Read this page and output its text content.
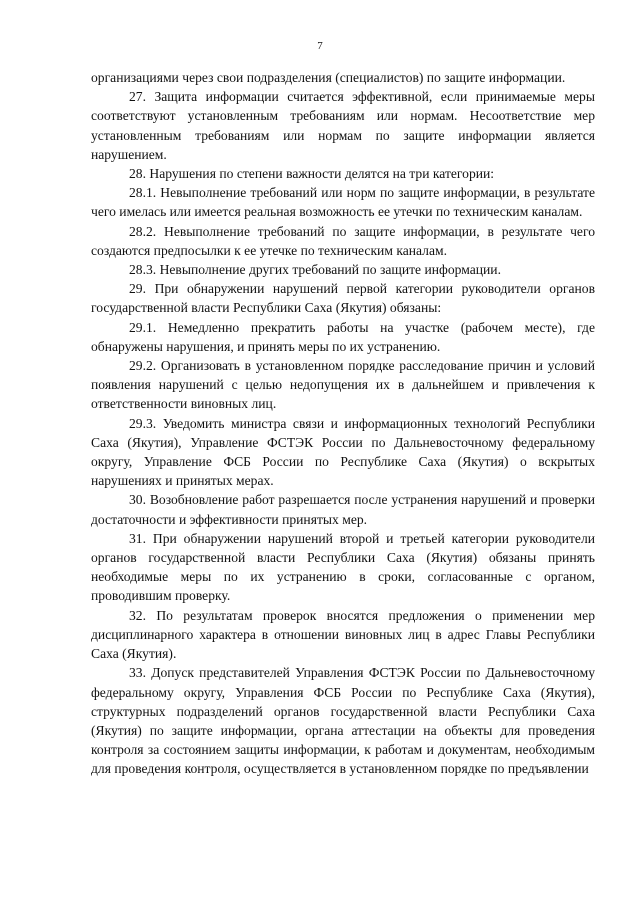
7

организациями через свои подразделения (специалистов) по защите информации.

27. Защита информации считается эффективной, если принимаемые меры соответствуют установленным требованиям или нормам. Несоответствие мер установленным требованиям или нормам по защите информации является нарушением.

28. Нарушения по степени важности делятся на три категории:

28.1. Невыполнение требований или норм по защите информации, в результате чего имелась или имеется реальная возможность ее утечки по техническим каналам.

28.2. Невыполнение требований по защите информации, в результате чего создаются предпосылки к ее утечке по техническим каналам.

28.3. Невыполнение других требований по защите информации.

29. При обнаружении нарушений первой категории руководители органов государственной власти Республики Саха (Якутия) обязаны:

29.1. Немедленно прекратить работы на участке (рабочем месте), где обнаружены нарушения, и принять меры по их устранению.

29.2. Организовать в установленном порядке расследование причин и условий появления нарушений с целью недопущения их в дальнейшем и привлечения к ответственности виновных лиц.

29.3. Уведомить министра связи и информационных технологий Республики Саха (Якутия), Управление ФСТЭК России по Дальневосточному федеральному округу, Управление ФСБ России по Республике Саха (Якутия) о вскрытых нарушениях и принятых мерах.

30. Возобновление работ разрешается после устранения нарушений и проверки достаточности и эффективности принятых мер.

31. При обнаружении нарушений второй и третьей категории руководители органов государственной власти Республики Саха (Якутия) обязаны принять необходимые меры по их устранению в сроки, согласованные с органом, проводившим проверку.

32. По результатам проверок вносятся предложения о применении мер дисциплинарного характера в отношении виновных лиц в адрес Главы Республики Саха (Якутия).

33. Допуск представителей Управления ФСТЭК России по Дальневосточному федеральному округу, Управления ФСБ России по Республике Саха (Якутия), структурных подразделений органов государственной власти Республики Саха (Якутия) по защите информации, органа аттестации на объекты для проведения контроля за состоянием защиты информации, к работам и документам, необходимым для проведения контроля, осуществляется в установленном порядке по предъявлении
